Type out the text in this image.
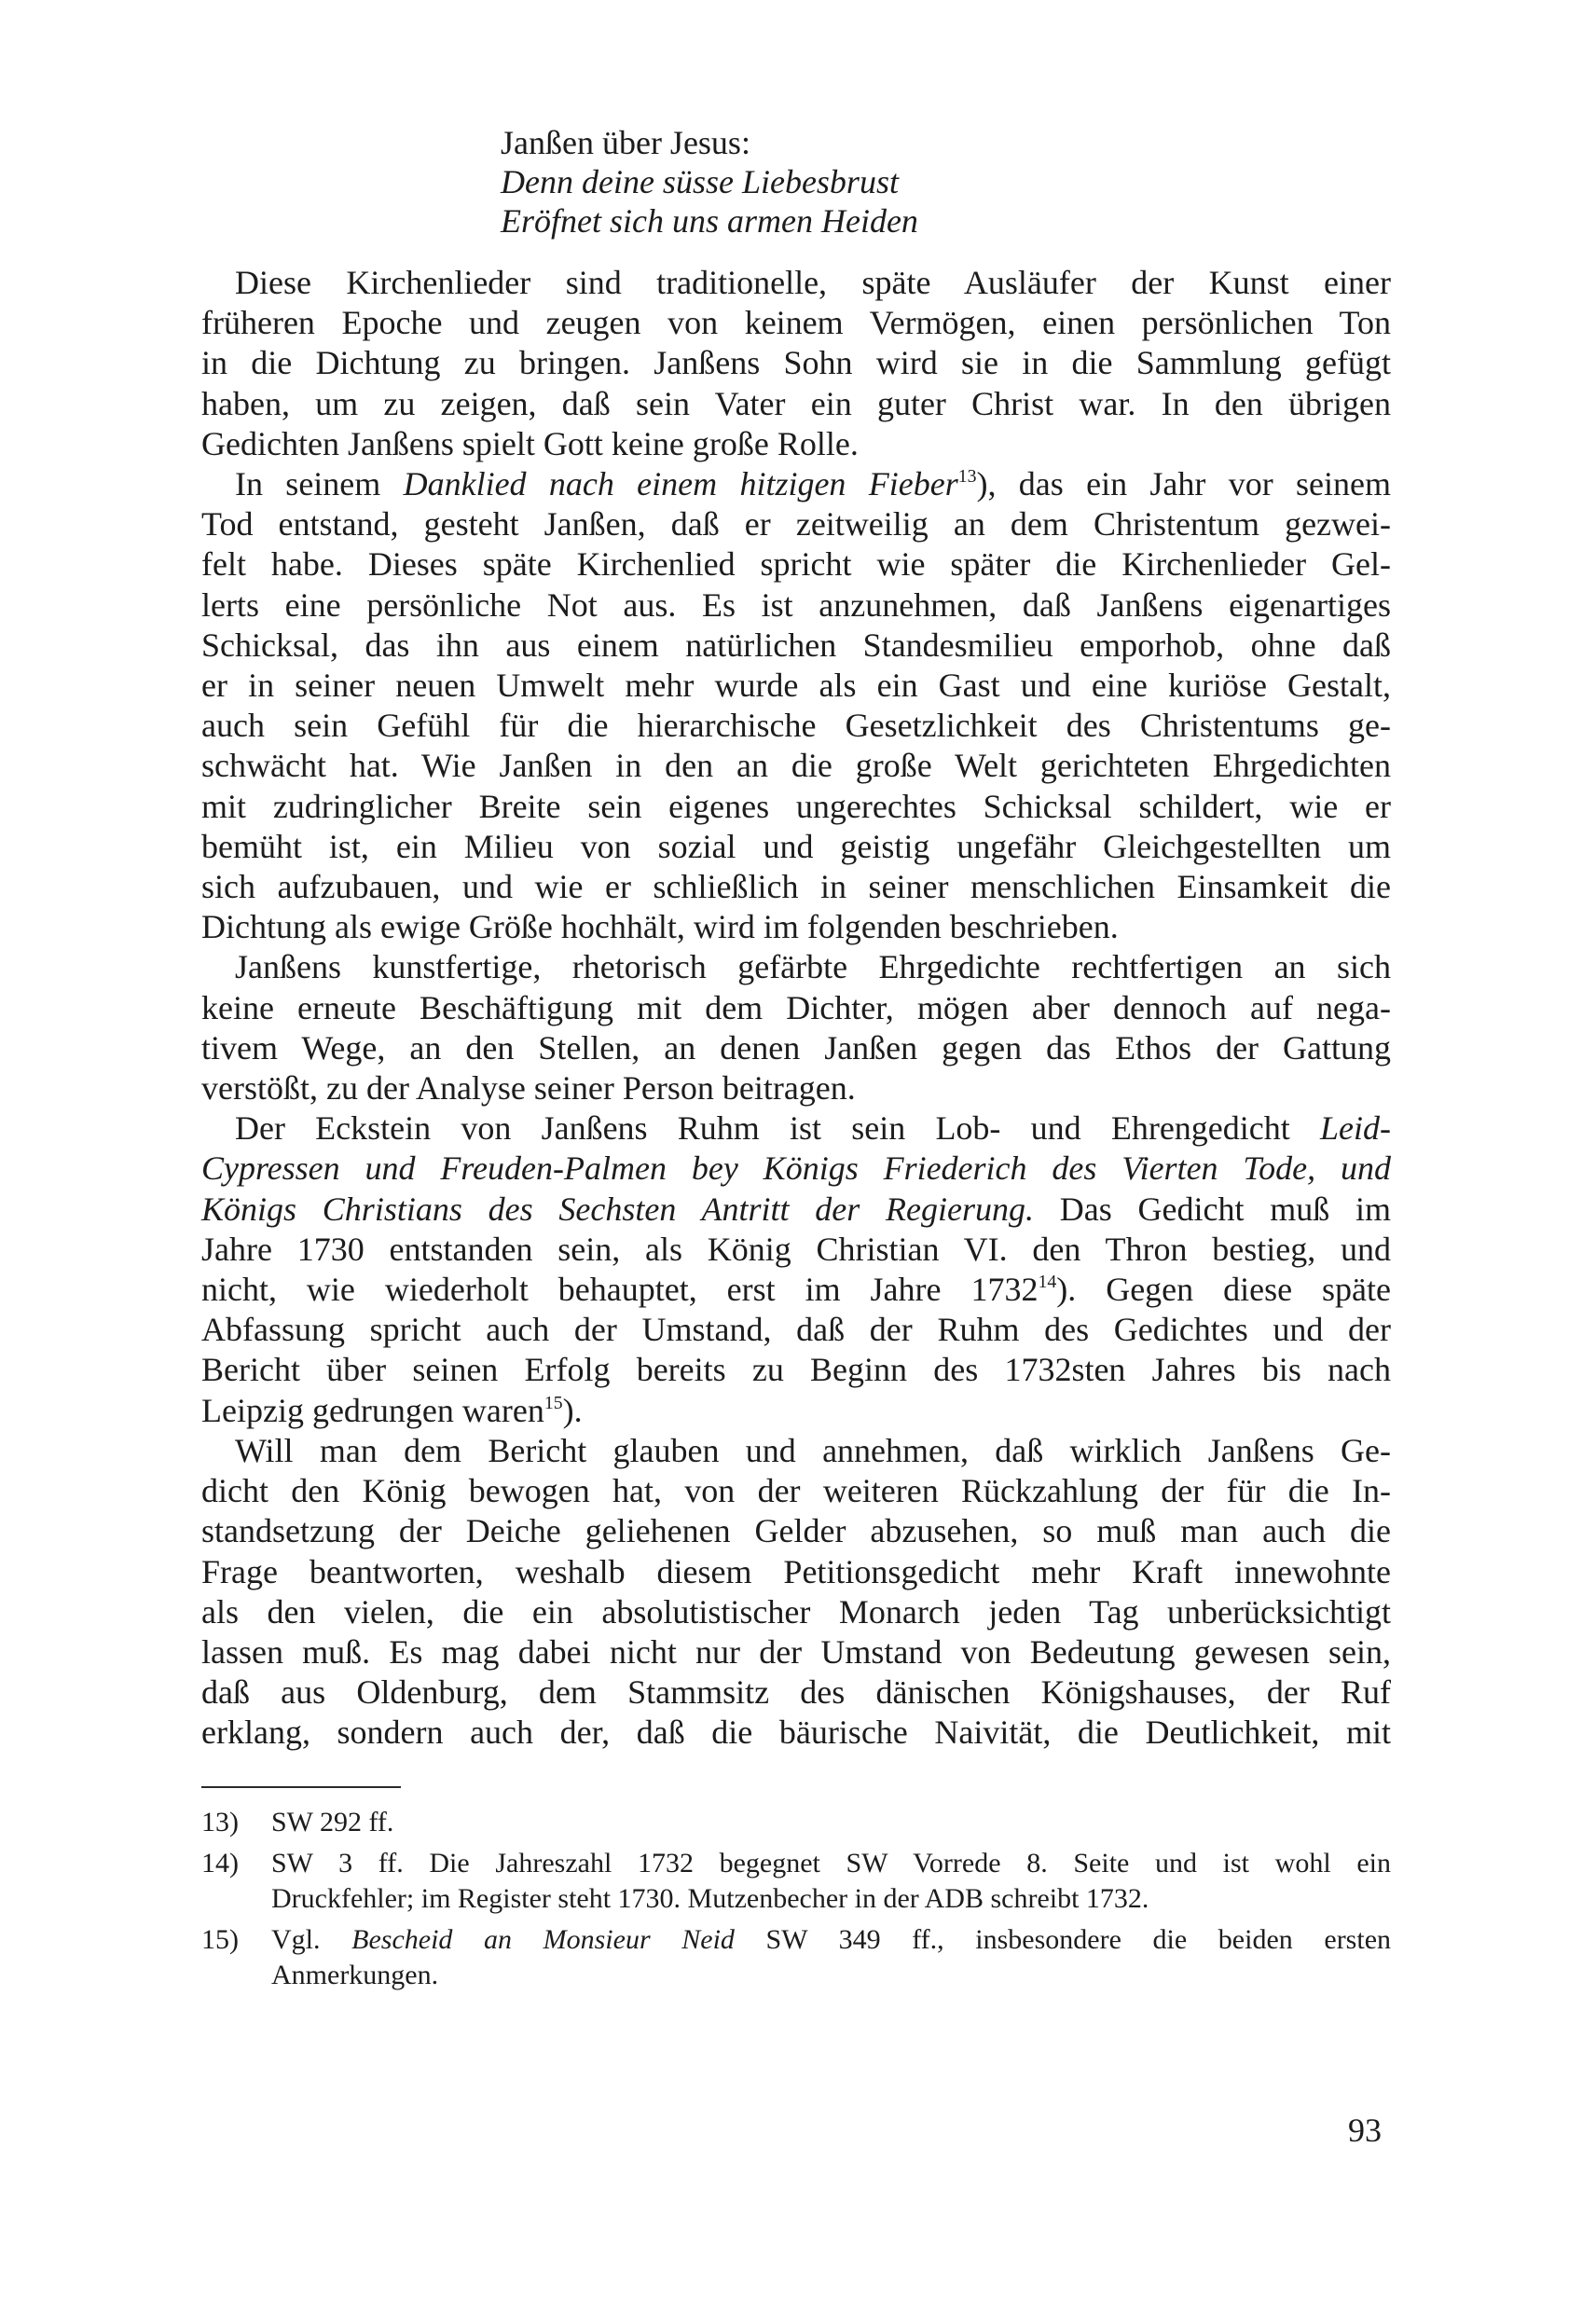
Janßen über Jesus:
Denn deine süsse Liebesbrust
Eröfnet sich uns armen Heiden

Diese Kirchenlieder sind traditionelle, späte Ausläufer der Kunst einer
früheren Epoche und zeugen von keinem Vermögen, einen persönlichen Ton
in die Dichtung zu bringen. Janßens Sohn wird sie in die Sammlung gefügt
haben, um zu zeigen, daß sein Vater ein guter Christ war. In den übrigen
Gedichten Janßens spielt Gott keine große Rolle.

In seinem Danklied nach einem hitzigen Fieber$^{13}$), das ein Jahr vor seinem
Tod entstand, gesteht Janßen, daß er zeitweilig an dem Christentum gezwei-
felt habe. Dieses späte Kirchenlied spricht wie später die Kirchenlieder Gel-
lerts eine persönliche Not aus. Es ist anzunehmen, daß Janßens eigenartiges
Schicksal, das ihn aus einem natürlichen Standesmilieu emporhob, ohne daß
er in seiner neuen Umwelt mehr wurde als ein Gast und eine kuriöse Gestalt,
auch sein Gefühl für die hierarchische Gesetzlichkeit des Christentums ge-
schwächt hat. Wie Janßen in den an die große Welt gerichteten Ehrgedichten
mit zudringlicher Breite sein eigenes ungerechtes Schicksal schildert, wie er
bemüht ist, ein Milieu von sozial und geistig ungefähr Gleichgestellten um
sich aufzubauen, und wie er schließlich in seiner menschlichen Einsamkeit die
Dichtung als ewige Größe hochhält, wird im folgenden beschrieben.

Janßens kunstfertige, rhetorisch gefärbte Ehrgedichte rechtfertigen an sich
keine erneute Beschäftigung mit dem Dichter, mögen aber dennoch auf nega-
tivem Wege, an den Stellen, an denen Janßen gegen das Ethos der Gattung
verstößt, zu der Analyse seiner Person beitragen.

Der Eckstein von Janßens Ruhm ist sein Lob- und Ehrengedicht Leid-
Cypressen und Freuden-Palmen bey Königs Friederich des Vierten Tode, und
Königs Christians des Sechsten Antritt der Regierung. Das Gedicht muß im
Jahre 1730 entstanden sein, als König Christian VI. den Thron bestieg, und
nicht, wie wiederholt behauptet, erst im Jahre 1732$^{14}$). Gegen diese späte
Abfassung spricht auch der Umstand, daß der Ruhm des Gedichtes und der
Bericht über seinen Erfolg bereits zu Beginn des 1732sten Jahres bis nach
Leipzig gedrungen waren$^{15}$).

Will man dem Bericht glauben und annehmen, daß wirklich Janßens Ge-
dicht den König bewogen hat, von der weiteren Rückzahlung der für die In-
standsetzung der Deiche geliehenen Gelder abzusehen, so muß man auch die
Frage beantworten, weshalb diesem Petitionsgedicht mehr Kraft innewohnte
als den vielen, die ein absolutistischer Monarch jeden Tag unberücksichtigt
lassen muß. Es mag dabei nicht nur der Umstand von Bedeutung gewesen sein,
daß aus Oldenburg, dem Stammsitz des dänischen Königshauses, der Ruf
erklang, sondern auch der, daß die bäurische Naivität, die Deutlichkeit, mit

13) SW 292 ff.
14) SW 3 ff. Die Jahreszahl 1732 begegnet SW Vorrede 8. Seite und ist wohl ein
Druckfehler; im Register steht 1730. Mutzenbecher in der ADB schreibt 1732.
15) Vgl. Bescheid an Monsieur Neid SW 349 ff., insbesondere die beiden ersten
Anmerkungen.
93
